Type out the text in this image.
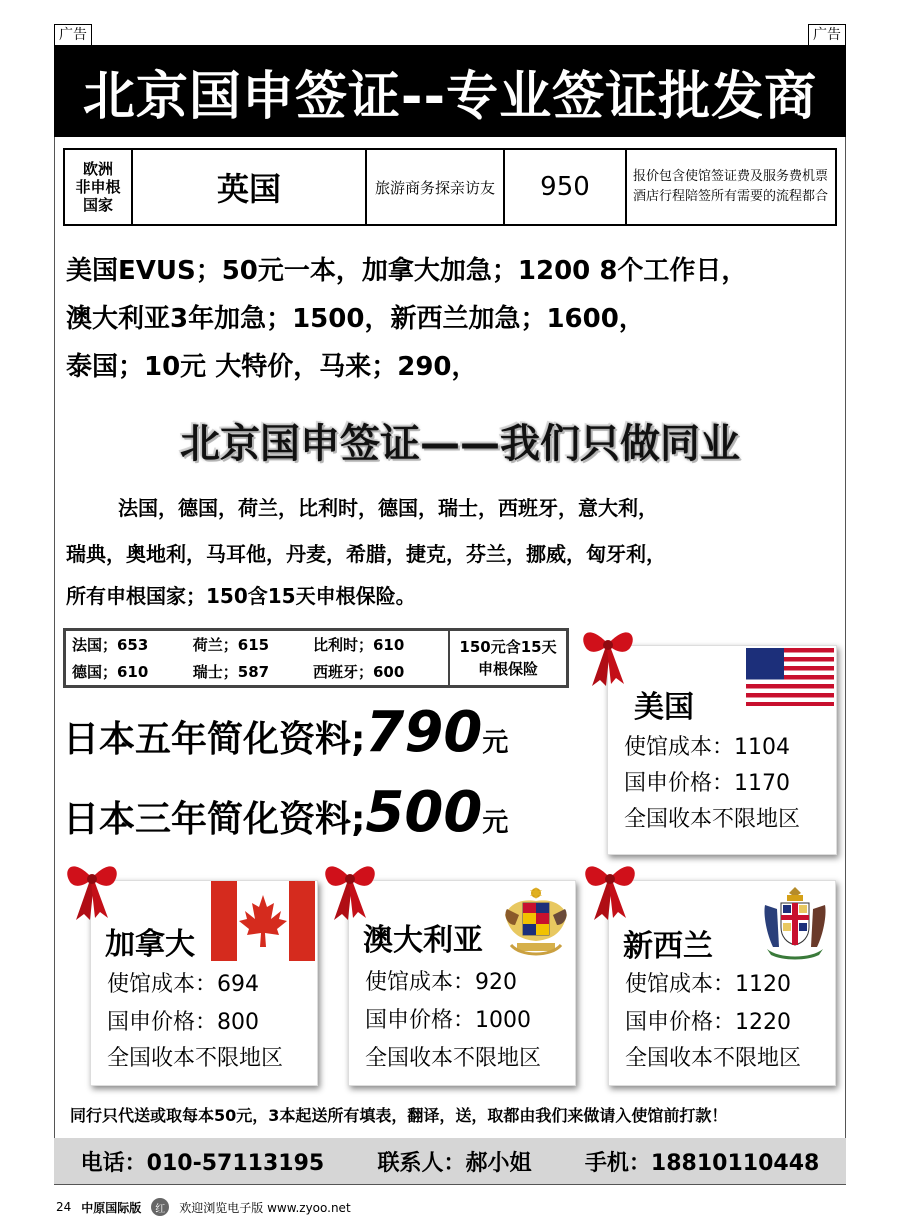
北京国申签证--专业签证批发商
广告	广告
欧洲
非申根
国家	英国	旅游商务探亲访友	950	报价包含使馆签证费及服务费机票
酒店行程陪签所有需要的流程都合
美国EVUS；50元一本，加拿大加急；1200 8个工作日，
澳大利亚3年加急；1500，新西兰加急；1600，
泰国；10元 大特价，马来；290，
北京国申签证——我们只做同业
法国，德国，荷兰，比利时，德国，瑞士，西班牙，意大利，
瑞典，奥地利，马耳他，丹麦，希腊，捷克，芬兰，挪威，匈牙利，
所有申根国家；150含15天申根保险。
法国；653	荷兰；615	比利时；610	150元含15天
申根保险

德国；610	瑞士；587	西班牙；600	
日本五年简化资料;790元
日本三年简化资料;500元
美国
使馆成本：1104
国申价格：1170
全国收本不限地区
加拿大
使馆成本：694
国申价格：800
全国收本不限地区
澳大利亚
使馆成本：920
国申价格：1000
全国收本不限地区
新西兰
使馆成本：1120
国申价格：1220
全国收本不限地区
同行只代送或取每本50元，3本起送所有填表，翻译，送，取都由我们来做请入使馆前打款！
电话：010-57113195 联系人：郝小姐 手机：18810110448
24 中原国际版	红	欢迎浏览电子版 www.zyoo.net
